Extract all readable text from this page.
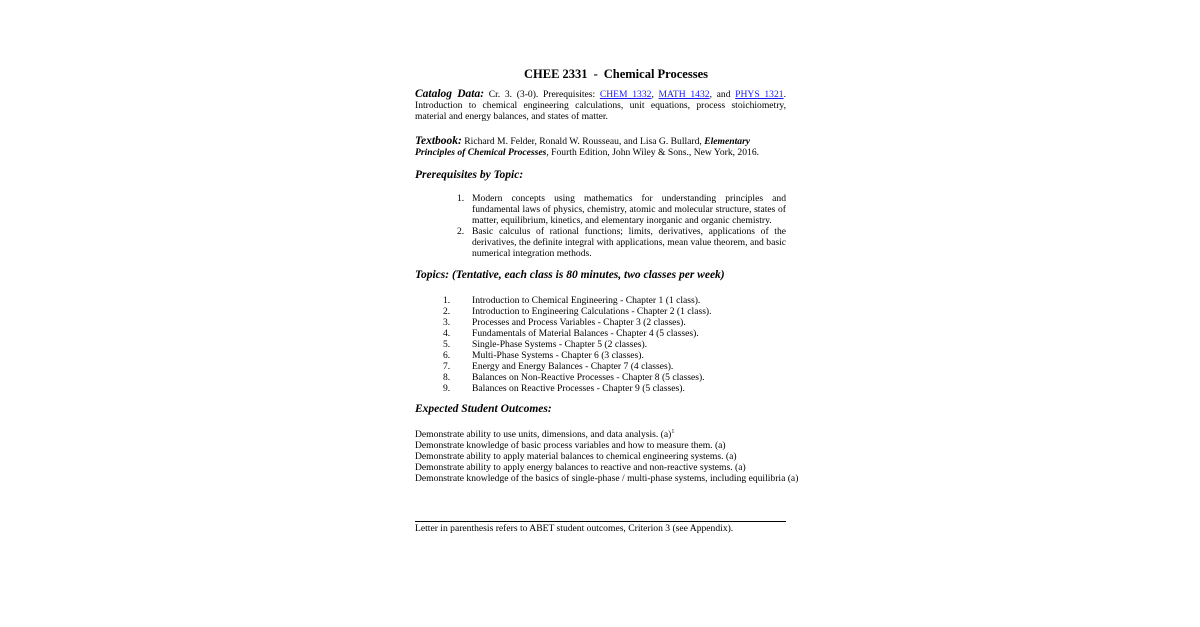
CHEE 2331 - Chemical Processes
Catalog Data: Cr. 3. (3-0). Prerequisites: CHEM 1332, MATH 1432, and PHYS 1321.
Introduction to chemical engineering calculations, unit equations, process stoichiometry, material and energy balances, and states of matter.
Textbook: Richard M. Felder, Ronald W. Rousseau, and Lisa G. Bullard, Elementary
Principles of Chemical Processes, Fourth Edition, John Wiley & Sons., New York, 2016.
Prerequisites by Topic:
1. Modern concepts using mathematics for understanding principles and fundamental laws of physics, chemistry, atomic and molecular structure, states of matter, equilibrium, kinetics, and elementary inorganic and organic chemistry.
2. Basic calculus of rational functions; limits, derivatives, applications of the derivatives, the definite integral with applications, mean value theorem, and basic numerical integration methods.
Topics: (Tentative, each class is 80 minutes, two classes per week)
1. Introduction to Chemical Engineering - Chapter 1 (1 class).
2. Introduction to Engineering Calculations - Chapter 2 (1 class).
3. Processes and Process Variables - Chapter 3 (2 classes).
4. Fundamentals of Material Balances - Chapter 4 (5 classes).
5. Single-Phase Systems - Chapter 5 (2 classes).
6. Multi-Phase Systems - Chapter 6 (3 classes).
7. Energy and Energy Balances - Chapter 7 (4 classes).
8. Balances on Non-Reactive Processes - Chapter 8 (5 classes).
9. Balances on Reactive Processes - Chapter 9 (5 classes).
Expected Student Outcomes:
Demonstrate ability to use units, dimensions, and data analysis. $(a)^1$
Demonstrate knowledge of basic process variables and how to measure them. (a)
Demonstrate ability to apply material balances to chemical engineering systems. (a)
Demonstrate ability to apply energy balances to reactive and non-reactive systems. (a)
Demonstrate knowledge of the basics of single-phase / multi-phase systems, including equilibria (a)
Letter in parenthesis refers to ABET student outcomes, Criterion 3 (see Appendix).
